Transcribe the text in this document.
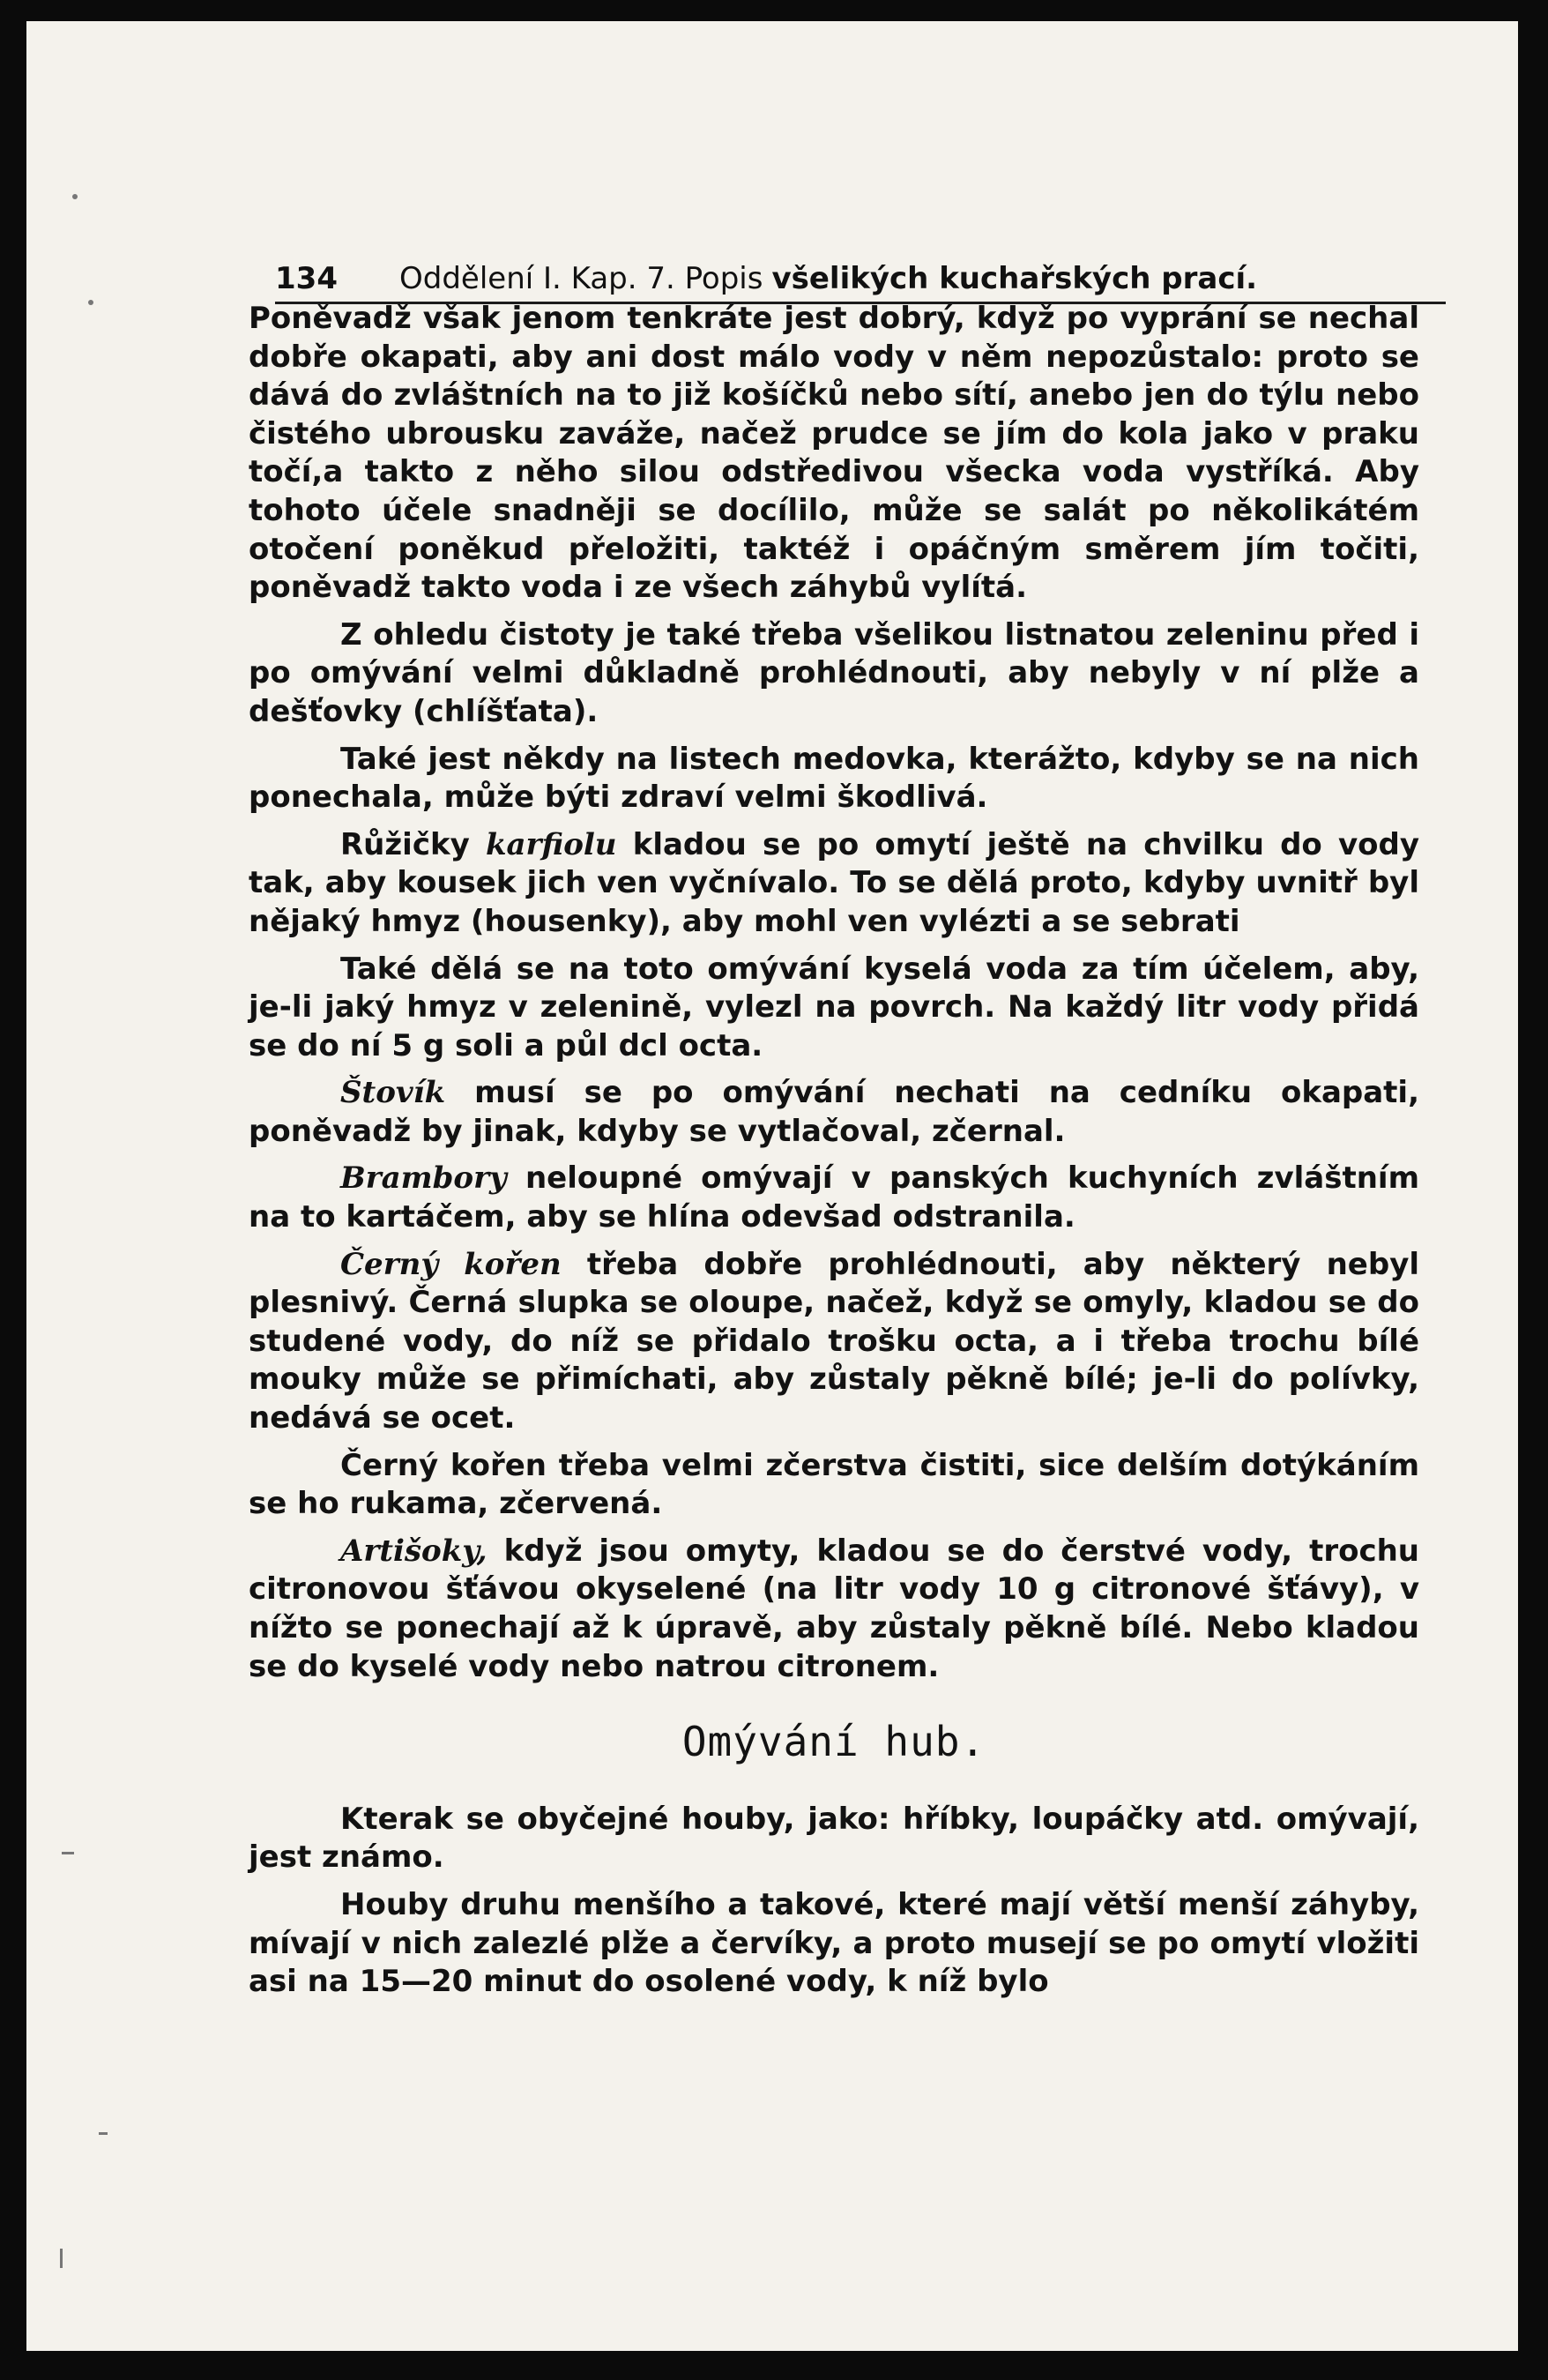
134 Oddělení I. Kap. 7. Popis všelikých kuchařských prací.

Poněvadž však jenom tenkráte jest dobrý, když po vyprání se nechal dobře okapati, aby ani dost málo vody v něm nepozůstalo: proto se dává do zvláštních na to již košíčků nebo sítí, anebo jen do týlu nebo čistého ubrousku zaváže, načež prudce se jím do kola jako v praku točí,a takto z něho silou odstředivou všecka voda vystříká. Aby tohoto účele snadněji se docílilo, může se salát po několikátém otočení poněkud přeložiti, taktéž i opáčným směrem jím točiti, poněvadž takto voda i ze všech záhybů vylítá.

Z ohledu čistoty je také třeba všelikou listnatou zeleninu před i po omývání velmi důkladně prohlédnouti, aby nebyly v ní plže a dešťovky (chlíšťata).

Také jest někdy na listech medovka, kterážto, kdyby se na nich ponechala, může býti zdraví velmi škodlivá.

Růžičky karfiolu kladou se po omytí ještě na chvilku do vody tak, aby kousek jich ven vyčnívalo. To se dělá proto, kdyby uvnitř byl nějaký hmyz (housenky), aby mohl ven vylézti a se sebrati

Také dělá se na toto omývání kyselá voda za tím účelem, aby, je-li jaký hmyz v zelenině, vylezl na povrch. Na každý litr vody přidá se do ní 5 g soli a půl dcl octa.

Štovík musí se po omývání nechati na cedníku okapati, poněvadž by jinak, kdyby se vytlačoval, zčernal.

Brambory neloupné omývají v panských kuchyních zvláštním na to kartáčem, aby se hlína odevšad odstranila.

Černý kořen třeba dobře prohlédnouti, aby některý nebyl plesnivý. Černá slupka se oloupe, načež, když se omyly, kladou se do studené vody, do níž se přidalo trošku octa, a i třeba trochu bílé mouky může se přimíchati, aby zůstaly pěkně bílé; je-li do polívky, nedává se ocet.

Černý kořen třeba velmi zčerstva čistiti, sice delším dotýkáním se ho rukama, zčervená.

Artišoky, když jsou omyty, kladou se do čerstvé vody, trochu citronovou šťávou okyselené (na litr vody 10 g citronové šťávy), v nížto se ponechají až k úpravě, aby zůstaly pěkně bílé. Nebo kladou se do kyselé vody nebo natrou citronem.

Omývání hub.

Kterak se obyčejné houby, jako: hříbky, loupáčky atd. omývají, jest známo.

Houby druhu menšího a takové, které mají větší menší záhyby, mívají v nich zalezlé plže a červíky, a proto musejí se po omytí vložiti asi na 15—20 minut do osolené vody, k níž bylo
